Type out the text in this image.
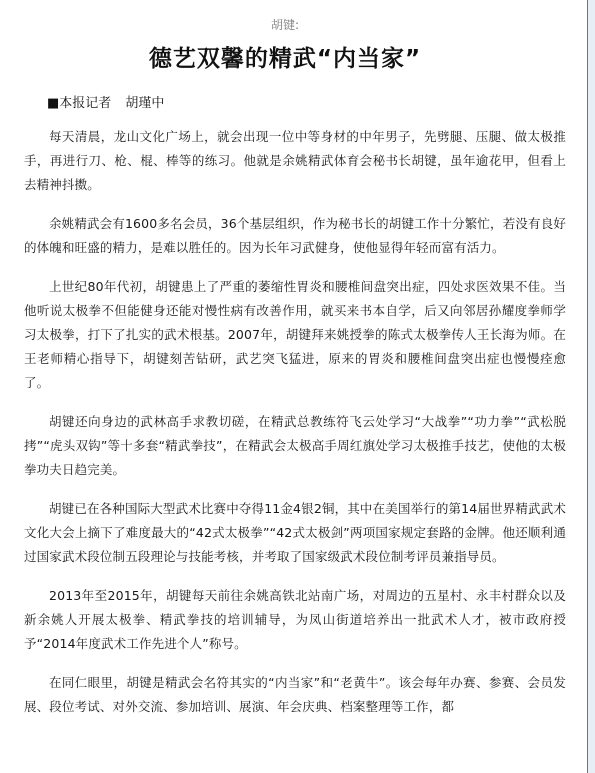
胡键:
德艺双馨的精武“内当家”
■本报记者 胡瑾中

每天清晨，龙山文化广场上，就会出现一位中等身材的中年男子，先劈腿、压腿、做太极推手，再进行刀、枪、棍、棒等的练习。他就是余姚精武体育会秘书长胡键，虽年逾花甲，但看上去精神抖擞。

余姚精武会有1600多名会员，36个基层组织，作为秘书长的胡键工作十分繁忙，若没有良好的体魄和旺盛的精力，是难以胜任的。因为长年习武健身，使他显得年轻而富有活力。

上世纪80年代初，胡键患上了严重的萎缩性胃炎和腰椎间盘突出症，四处求医效果不佳。当他听说太极拳不但能健身还能对慢性病有改善作用，就买来书本自学，后又向邻居孙耀度拳师学习太极拳，打下了扎实的武术根基。2007年，胡键拜来姚授拳的陈式太极拳传人王长海为师。在王老师精心指导下，胡键刻苦钻研，武艺突飞猛进，原来的胃炎和腰椎间盘突出症也慢慢痊愈了。

胡键还向身边的武林高手求教切磋，在精武总教练符飞云处学习“大战拳”“功力拳”“武松脱拷”“虎头双钩”等十多套“精武拳技”，在精武会太极高手周红旗处学习太极推手技艺，使他的太极拳功夫日趋完美。

胡键已在各种国际大型武术比赛中夺得11金4银2铜，其中在美国举行的第14届世界精武武术文化大会上摘下了难度最大的“42式太极拳”“42式太极剑”两项国家规定套路的金牌。他还顺利通过国家武术段位制五段理论与技能考核，并考取了国家级武术段位制考评员兼指导员。

2013年至2015年，胡键每天前往余姚高铁北站南广场，对周边的五星村、永丰村群众以及新余姚人开展太极拳、精武拳技的培训辅导，为凤山街道培养出一批武术人才，被市政府授予“2014年度武术工作先进个人”称号。

在同仁眼里，胡键是精武会名符其实的“内当家”和“老黄牛”。该会每年办赛、参赛、会员发展、段位考试、对外交流、参加培训、展演、年会庆典、档案整理等工作，都
